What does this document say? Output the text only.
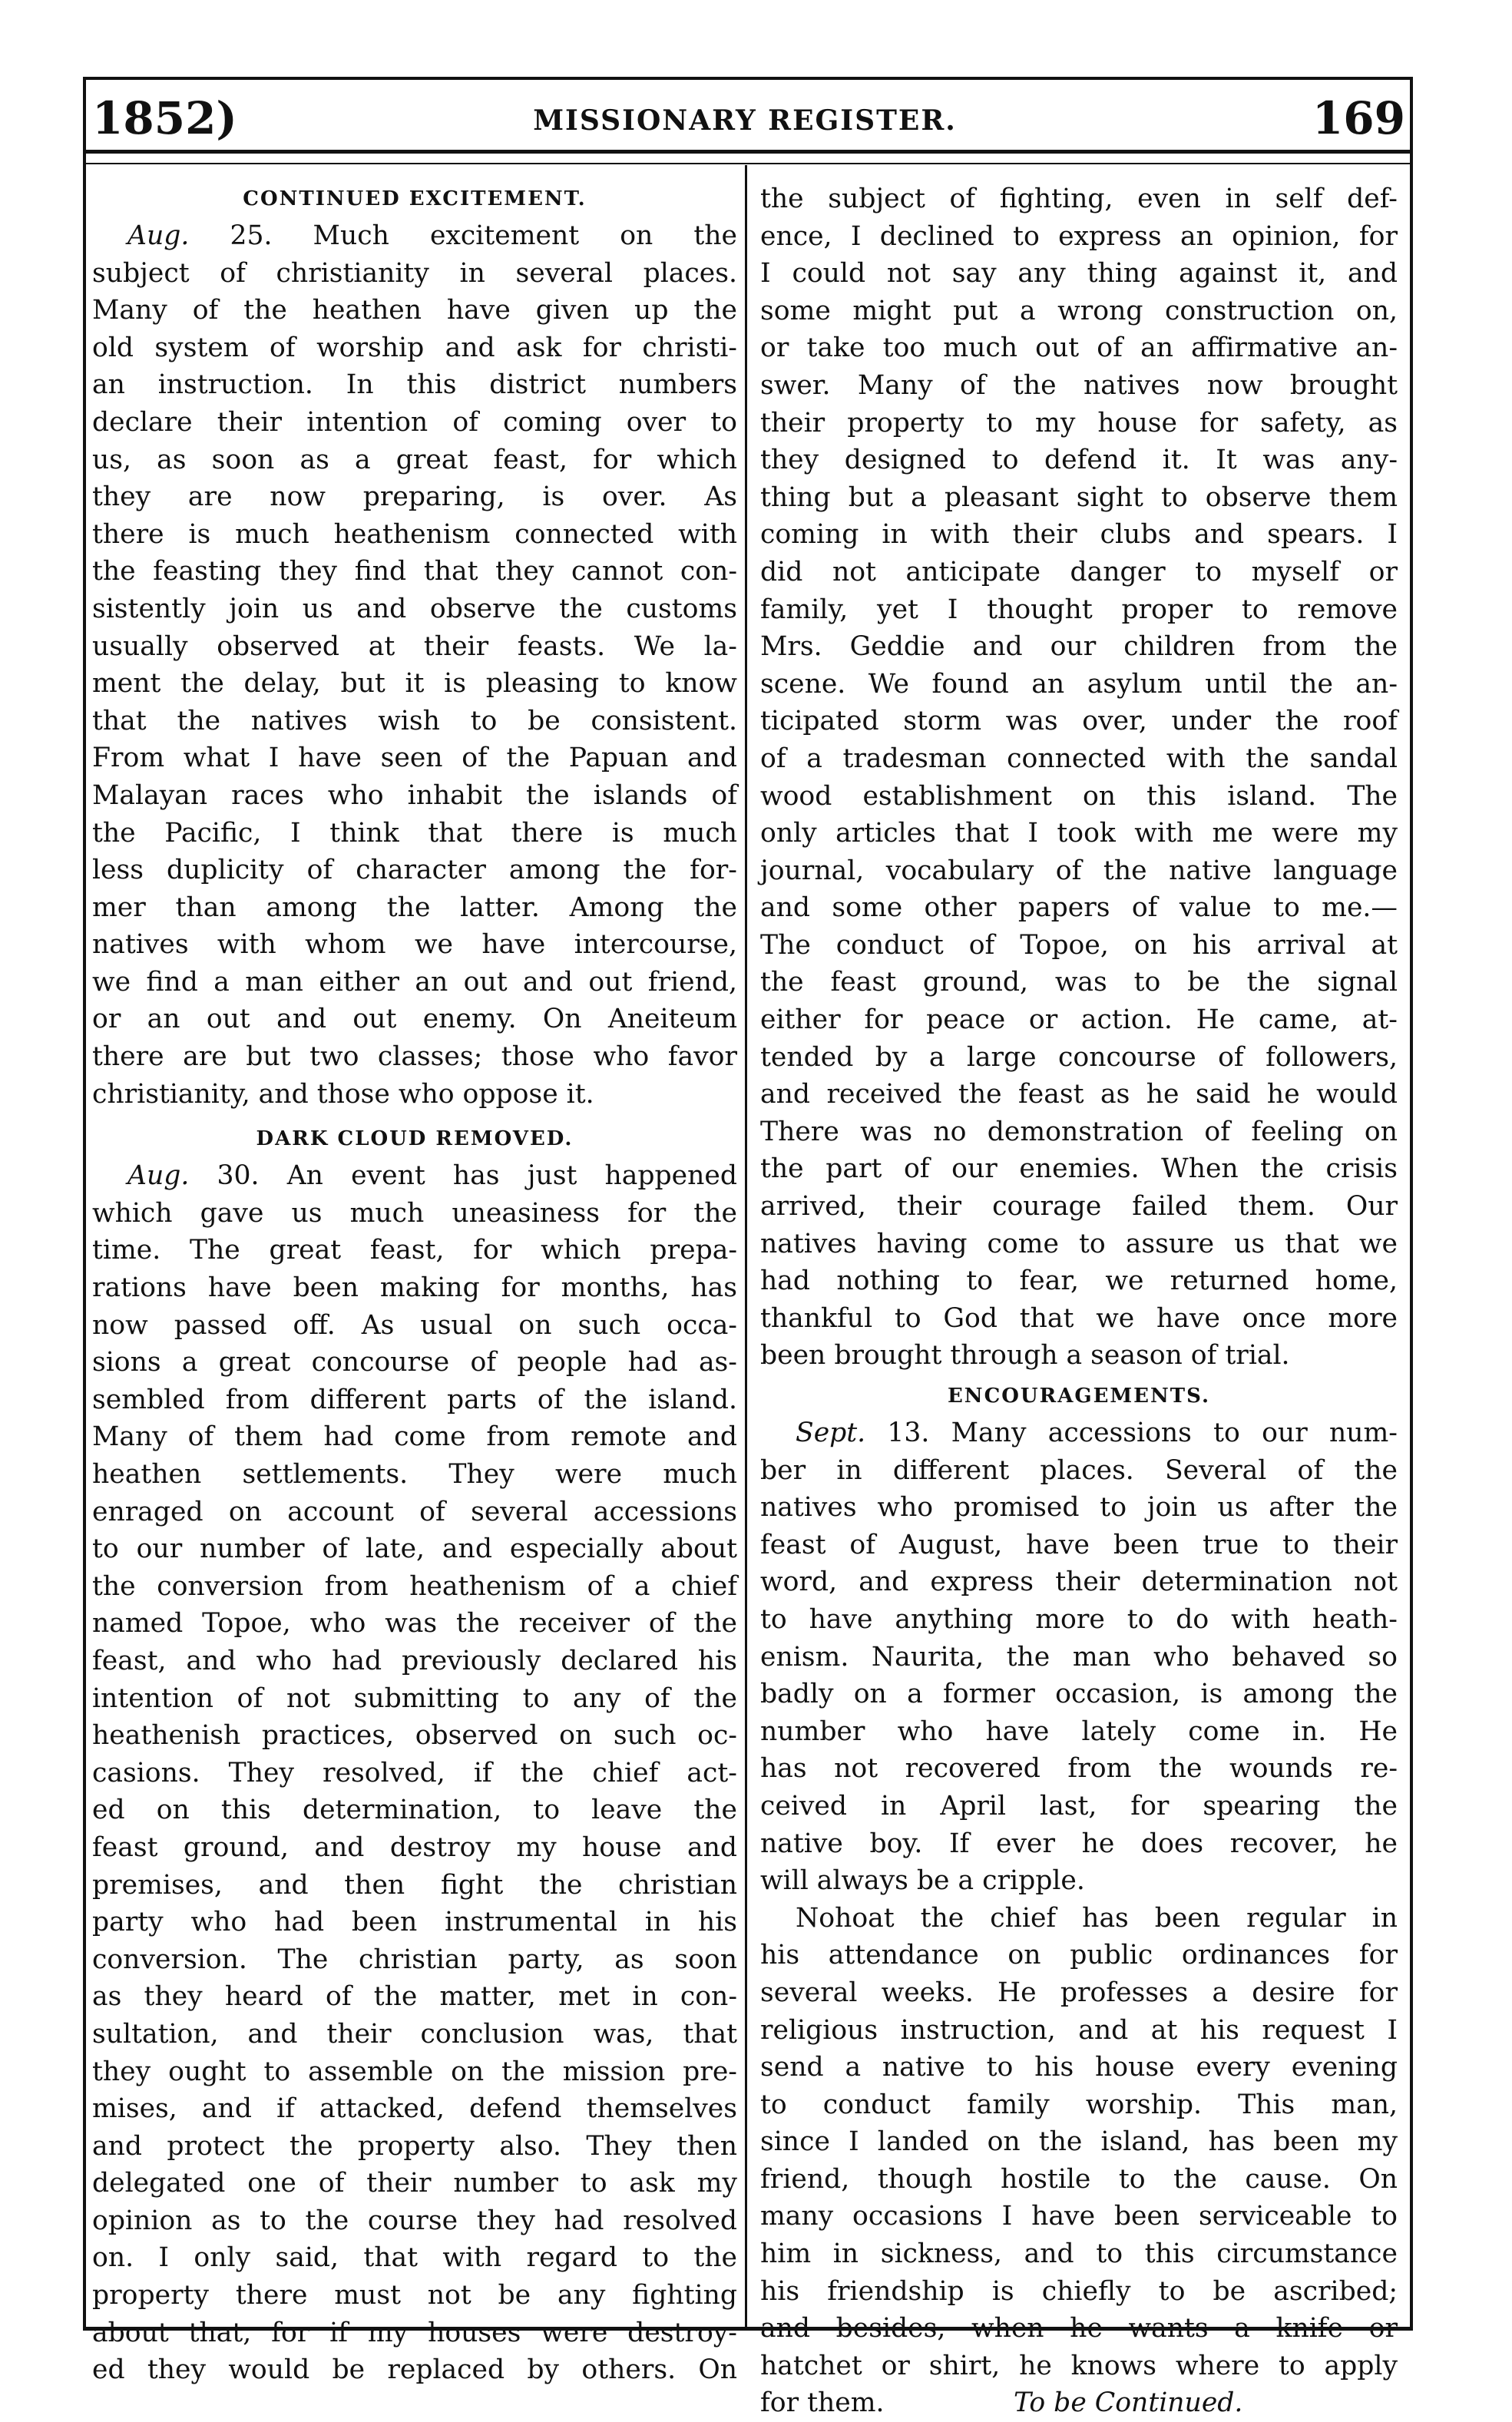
1852)	MISSIONARY REGISTER.	169
CONTINUED EXCITEMENT.
Aug. 25. Much excitement on the
subject of christianity in several places.
Many of the heathen have given up the
old system of worship and ask for christi-
an instruction. In this district numbers
declare their intention of coming over to
us, as soon as a great feast, for which
they are now preparing, is over. As
there is much heathenism connected with
the feasting they find that they cannot con-
sistently join us and observe the customs
usually observed at their feasts. We la-
ment the delay, but it is pleasing to know
that the natives wish to be consistent.
From what I have seen of the Papuan and
Malayan races who inhabit the islands of
the Pacific, I think that there is much
less duplicity of character among the for-
mer than among the latter. Among the
natives with whom we have intercourse,
we find a man either an out and out friend,
or an out and out enemy. On Aneiteum
there are but two classes; those who favor
christianity, and those who oppose it.
DARK CLOUD REMOVED.
Aug. 30. An event has just happened
which gave us much uneasiness for the
time. The great feast, for which prepa-
rations have been making for months, has
now passed off. As usual on such occa-
sions a great concourse of people had as-
sembled from different parts of the island.
Many of them had come from remote and
heathen settlements. They were much
enraged on account of several accessions
to our number of late, and especially about
the conversion from heathenism of a chief
named Topoe, who was the receiver of the
feast, and who had previously declared his
intention of not submitting to any of the
heathenish practices, observed on such oc-
casions. They resolved, if the chief act-
ed on this determination, to leave the
feast ground, and destroy my house and
premises, and then fight the christian
party who had been instrumental in his
conversion. The christian party, as soon
as they heard of the matter, met in con-
sultation, and their conclusion was, that
they ought to assemble on the mission pre-
mises, and if attacked, defend themselves
and protect the property also. They then
delegated one of their number to ask my
opinion as to the course they had resolved
on. I only said, that with regard to the
property there must not be any fighting
about that, for if my houses were destroy-
ed they would be replaced by others. On
the subject of fighting, even in self def-
ence, I declined to express an opinion, for
I could not say any thing against it, and
some might put a wrong construction on,
or take too much out of an affirmative an-
swer. Many of the natives now brought
their property to my house for safety, as
they designed to defend it. It was any-
thing but a pleasant sight to observe them
coming in with their clubs and spears. I
did not anticipate danger to myself or
family, yet I thought proper to remove
Mrs. Geddie and our children from the
scene. We found an asylum until the an-
ticipated storm was over, under the roof
of a tradesman connected with the sandal
wood establishment on this island. The
only articles that I took with me were my
journal, vocabulary of the native language
and some other papers of value to me.—
The conduct of Topoe, on his arrival at
the feast ground, was to be the signal
either for peace or action. He came, at-
tended by a large concourse of followers,
and received the feast as he said he would
There was no demonstration of feeling on
the part of our enemies. When the crisis
arrived, their courage failed them. Our
natives having come to assure us that we
had nothing to fear, we returned home,
thankful to God that we have once more
been brought through a season of trial.
ENCOURAGEMENTS.
Sept. 13. Many accessions to our num-
ber in different places. Several of the
natives who promised to join us after the
feast of August, have been true to their
word, and express their determination not
to have anything more to do with heath-
enism. Naurita, the man who behaved so
badly on a former occasion, is among the
number who have lately come in. He
has not recovered from the wounds re-
ceived in April last, for spearing the
native boy. If ever he does recover, he
will always be a cripple.
Nohoat the chief has been regular in
his attendance on public ordinances for
several weeks. He professes a desire for
religious instruction, and at his request I
send a native to his house every evening
to conduct family worship. This man,
since I landed on the island, has been my
friend, though hostile to the cause. On
many occasions I have been serviceable to
him in sickness, and to this circumstance
his friendship is chiefly to be ascribed;
and besides, when he wants a knife or
hatchet or shirt, he knows where to apply
for them.	To be Continued.
